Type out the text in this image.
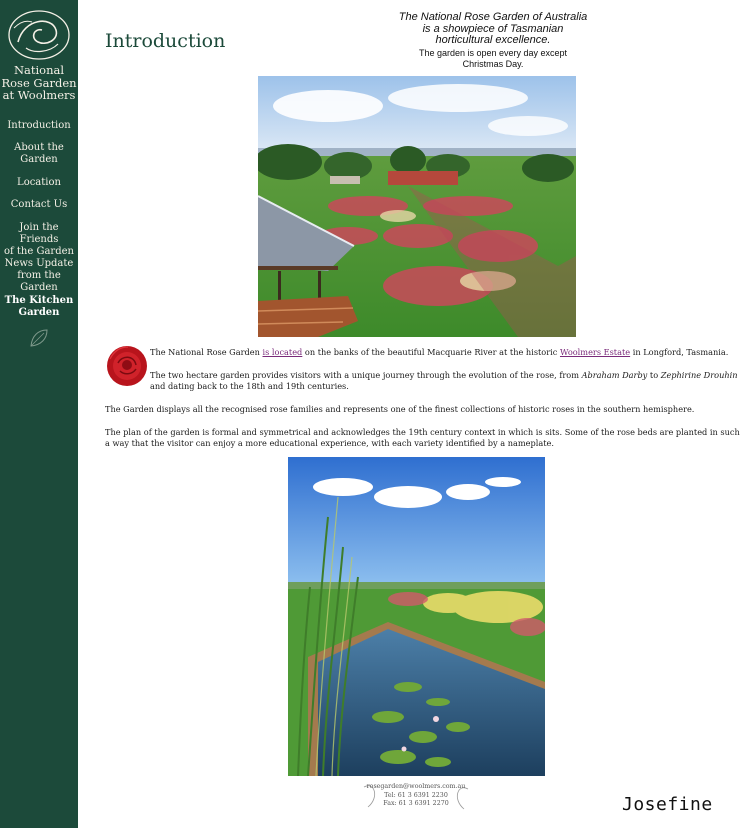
National
Rose Garden
at Woolmers
Introduction
About the
Garden
Location
Contact Us
Join the Friends
of the Garden
News Update
from the Garden
The Kitchen
Garden
Introduction
The National Rose Garden of Australia is a showpiece of Tasmanian horticultural excellence.
The garden is open every day except Christmas Day.
The National Rose Garden is located on the banks of the beautiful Macquarie River at the historic Woolmers Estate in Longford, Tasmania.
The two hectare garden provides visitors with a unique journey through the evolution of the rose, from Abraham Darby to Zephirine Drouhin and dating back to the 18th and 19th centuries.
The Garden displays all the recognised rose families and represents one of the finest collections of historic roses in the southern hemisphere.
The plan of the garden is formal and symmetrical and acknowledges the 19th century context in which is sits. Some of the rose beds are planted in such a way that the visitor can enjoy a more educational experience, with each variety identified by a nameplate.
rosegarden@woolmers.com.au
Tel: 61 3 6391 2230
Fax: 61 3 6391 2270	Josefine
